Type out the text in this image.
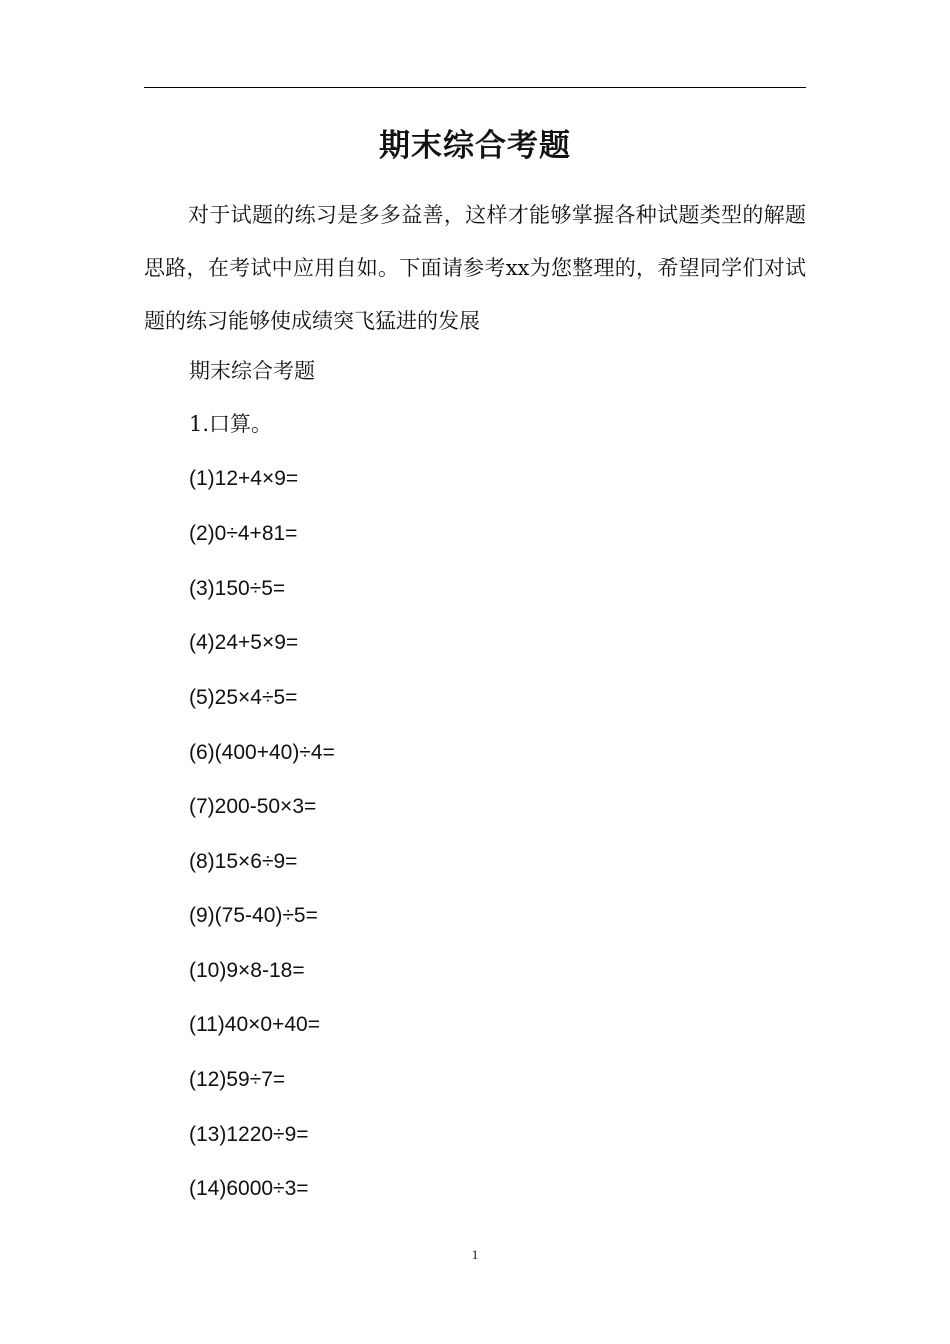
期末综合考题

对于试题的练习是多多益善，这样才能够掌握各种试题类型的解题思路，在考试中应用自如。下面请参考xx为您整理的，希望同学们对试题的练习能够使成绩突飞猛进的发展

期末综合考题
1.口算。
(1)12+4×9=
(2)0÷4+81=
(3)150÷5=
(4)24+5×9=
(5)25×4÷5=
(6)(400+40)÷4=
(7)200-50×3=
(8)15×6÷9=
(9)(75-40)÷5=
(10)9×8-18=
(11)40×0+40=
(12)59÷7=
(13)1220÷9=
(14)6000÷3=
1
